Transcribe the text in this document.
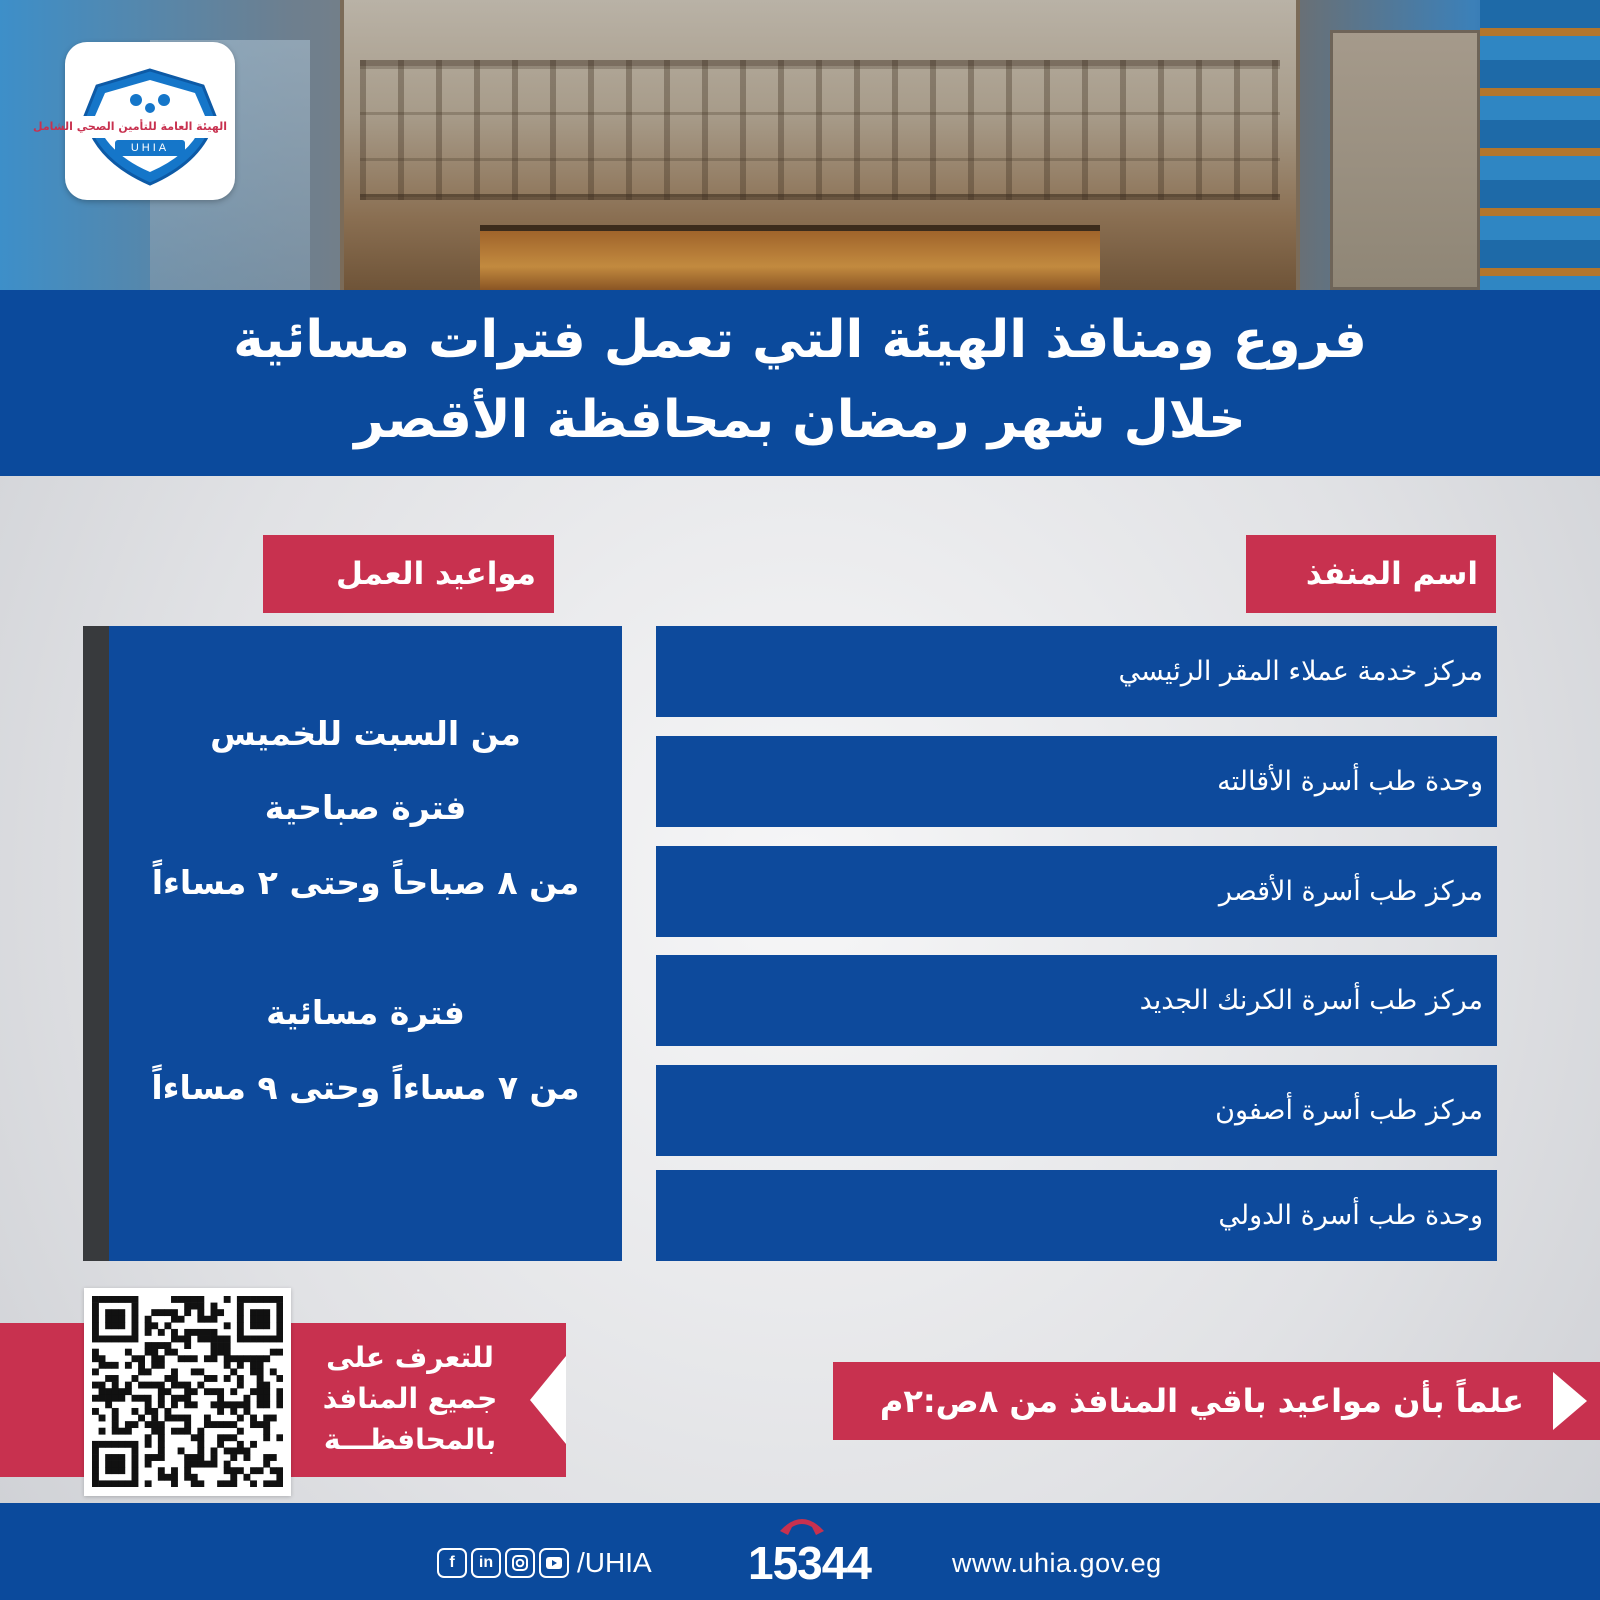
الهيئة العامة للتأمين الصحي الشامل
UHIA
فروع ومنافذ الهيئة التي تعمل فترات مسائية
خلال شهر رمضان بمحافظة الأقصر
اسم المنفذ
مواعيد العمل
مركز خدمة عملاء المقر الرئيسي
وحدة طب أسرة الأقالته
مركز طب أسرة الأقصر
مركز طب أسرة الكرنك الجديد
مركز طب أسرة أصفون
وحدة طب أسرة الدولي
من السبت للخميس
فترة صباحية
من ٨ صباحاً وحتى ٢ مساءاً
فترة مسائية
من ٧ مساءاً وحتى ٩ مساءاً
للتعرف على
جميع المنافذ
بالمحافظـــة
علماً بأن مواعيد باقي المنافذ من ٨ص:٢م
f	in	/UHIA 15344	www.uhia.gov.eg
